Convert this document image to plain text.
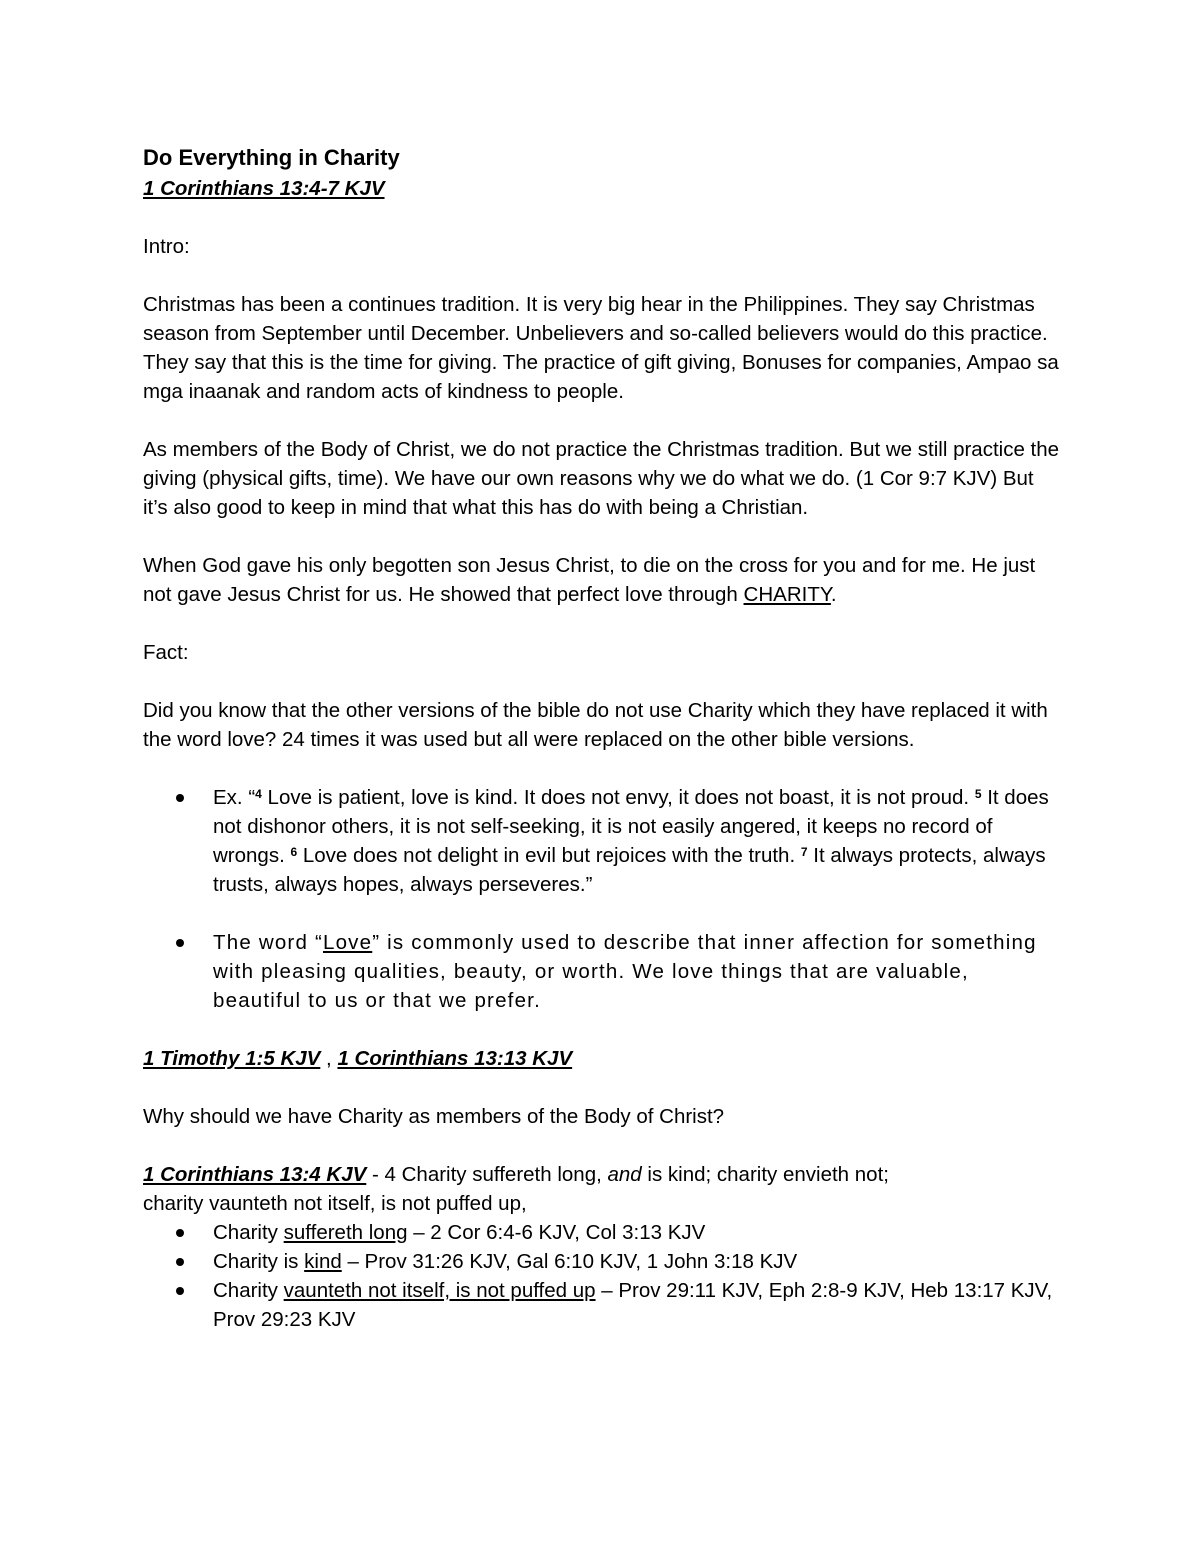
Do Everything in Charity

1 Corinthians 13:4-7 KJV

Intro:

Christmas has been a continues tradition. It is very big hear in the Philippines. They say Christmas season from September until December. Unbelievers and so-called believers would do this practice. They say that this is the time for giving. The practice of gift giving, Bonuses for companies, Ampao sa mga inaanak and random acts of kindness to people.

As members of the Body of Christ, we do not practice the Christmas tradition. But we still practice the giving (physical gifts, time). We have our own reasons why we do what we do. (1 Cor 9:7 KJV) But it’s also good to keep in mind that what this has do with being a Christian.

When God gave his only begotten son Jesus Christ, to die on the cross for you and for me. He just not gave Jesus Christ for us. He showed that perfect love through CHARITY.

Fact:

Did you know that the other versions of the bible do not use Charity which they have replaced it with the word love? 24 times it was used but all were replaced on the other bible versions.

Ex. “$^4$ Love is patient, love is kind. It does not envy, it does not boast, it is not proud. $^5$ It does not dishonor others, it is not self-seeking, it is not easily angered, it keeps no record of wrongs. $^6$ Love does not delight in evil but rejoices with the truth. $^7$ It always protects, always trusts, always hopes, always perseveres.”
The word “Love” is commonly used to describe that inner affection for something with pleasing qualities, beauty, or worth. We love things that are valuable, beautiful to us or that we prefer.

1 Timothy 1:5 KJV , 1 Corinthians 13:13 KJV

Why should we have Charity as members of the Body of Christ?

1 Corinthians 13:4 KJV - 4 Charity suffereth long, and is kind; charity envieth not;

charity vaunteth not itself, is not puffed up,

Charity suffereth long – 2 Cor 6:4-6 KJV, Col 3:13 KJV
Charity is kind – Prov 31:26 KJV, Gal 6:10 KJV, 1 John 3:18 KJV
Charity vaunteth not itself, is not puffed up – Prov 29:11 KJV, Eph 2:8-9 KJV, Heb 13:17 KJV, Prov 29:23 KJV
